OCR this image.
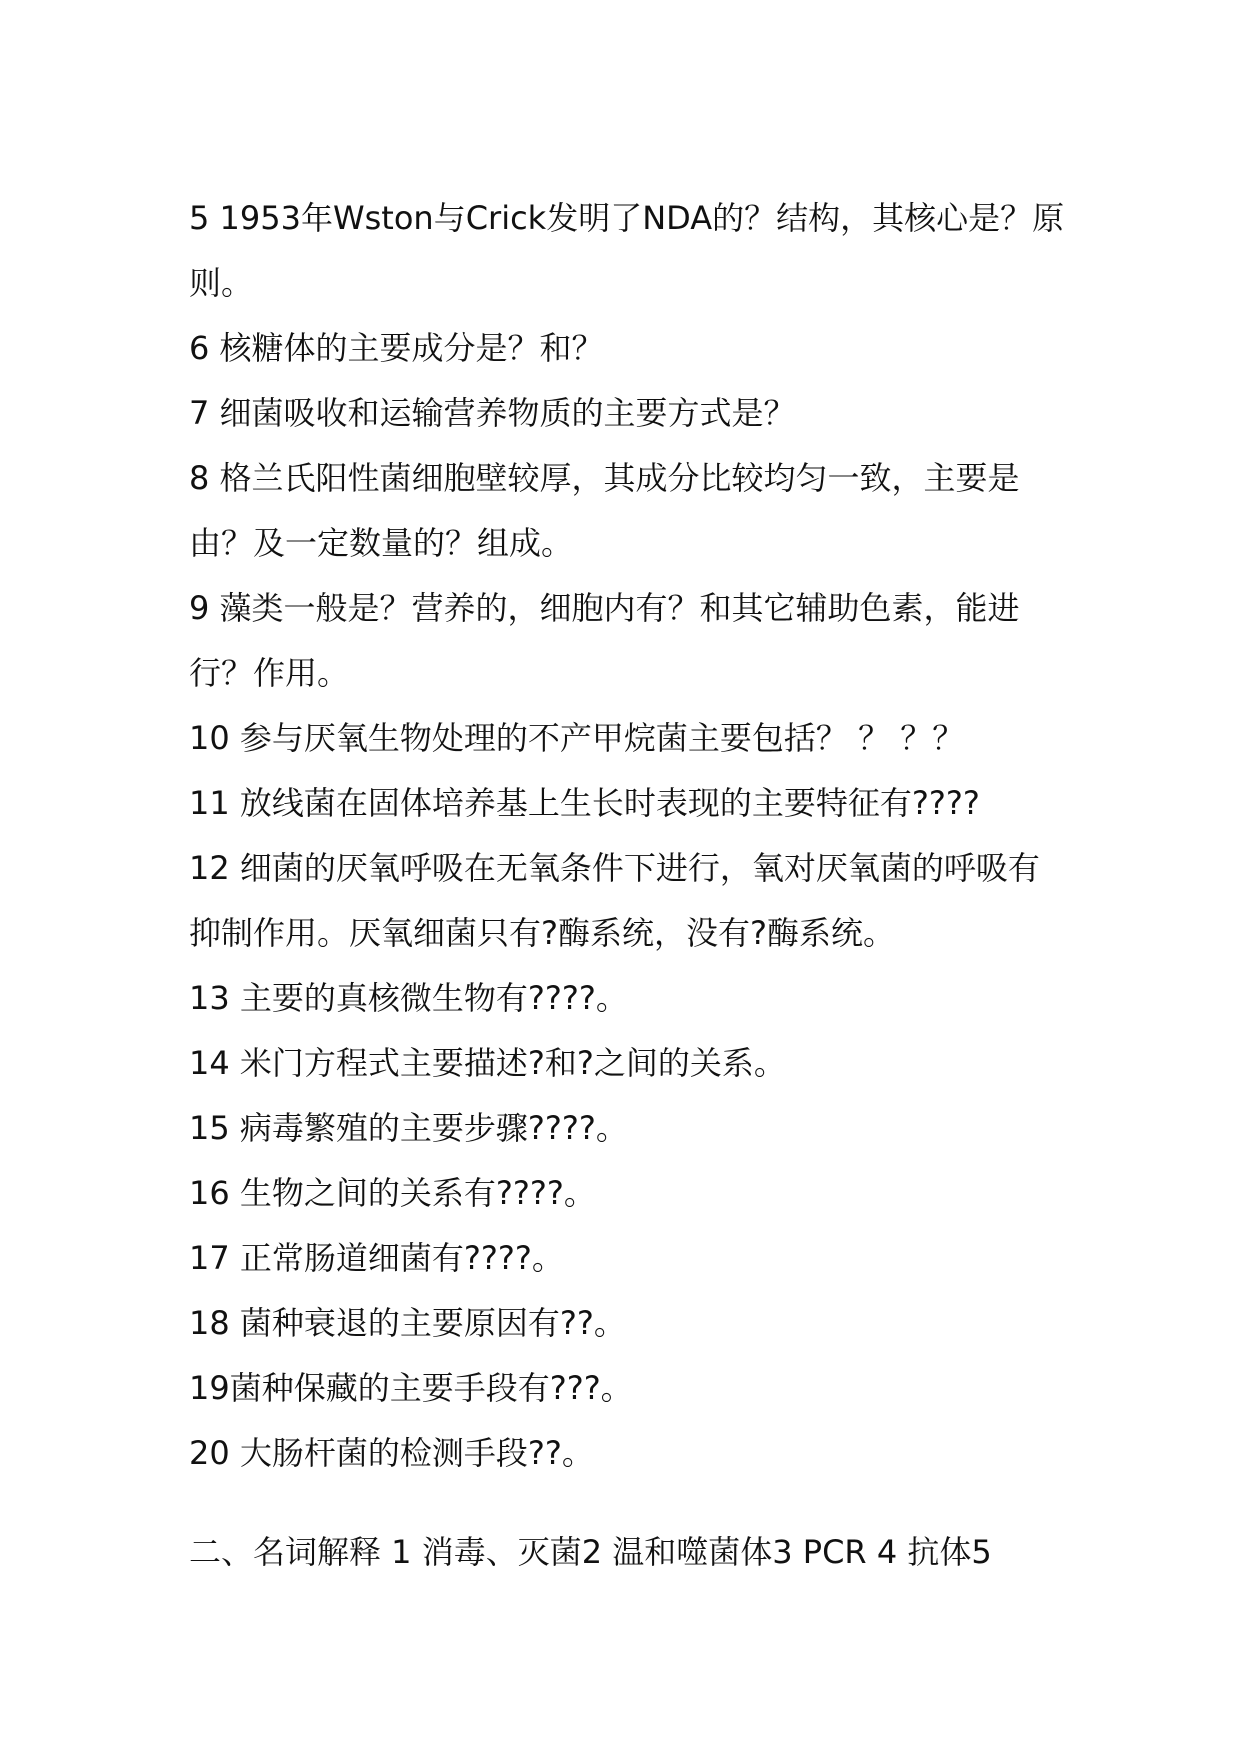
5 1953年Wston与Crick发明了NDA的？结构，其核心是？原则。

6 核糖体的主要成分是？和？

7 细菌吸收和运输营养物质的主要方式是？

8 格兰氏阳性菌细胞壁较厚，其成分比较均匀一致，主要是由？及一定数量的？组成。

9 藻类一般是？营养的，细胞内有？和其它辅助色素，能进行？作用。

10 参与厌氧生物处理的不产甲烷菌主要包括？ ？ ？？

11 放线菌在固体培养基上生长时表现的主要特征有????

12 细菌的厌氧呼吸在无氧条件下进行，氧对厌氧菌的呼吸有抑制作用。厌氧细菌只有?酶系统，没有?酶系统。

13 主要的真核微生物有????。

14 米门方程式主要描述?和?之间的关系。

15 病毒繁殖的主要步骤????。

16 生物之间的关系有????。

17 正常肠道细菌有????。

18 菌种衰退的主要原因有??。

19菌种保藏的主要手段有???。

20 大肠杆菌的检测手段??。

二、名词解释 1 消毒、灭菌2 温和噬菌体3 PCR 4 抗体5
